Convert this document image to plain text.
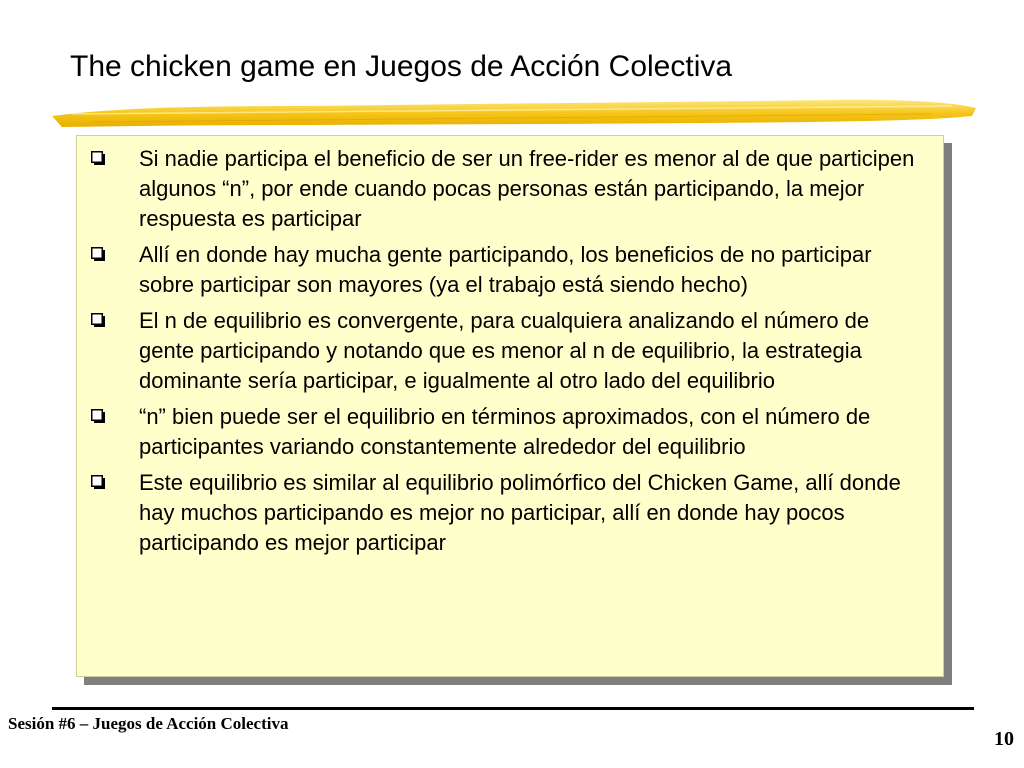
The chicken game en Juegos de Acción Colectiva
Si nadie participa el beneficio de ser un free-rider es menor al de que participen algunos “n”, por ende cuando pocas personas están participando, la mejor respuesta es participar
Allí en donde hay mucha gente participando, los beneficios de no participar sobre participar son mayores (ya el trabajo está siendo hecho)
El n de equilibrio es convergente, para cualquiera analizando el número de gente participando y notando que es menor al n de equilibrio, la estrategia dominante sería participar, e igualmente al otro lado del equilibrio
“n” bien puede ser el equilibrio en términos aproximados, con el número de participantes variando constantemente alrededor del equilibrio
Este equilibrio es similar al equilibrio polimórfico del Chicken Game, allí donde hay muchos participando es mejor no participar, allí en donde hay pocos participando es mejor participar
Sesión #6 – Juegos de Acción Colectiva
10
